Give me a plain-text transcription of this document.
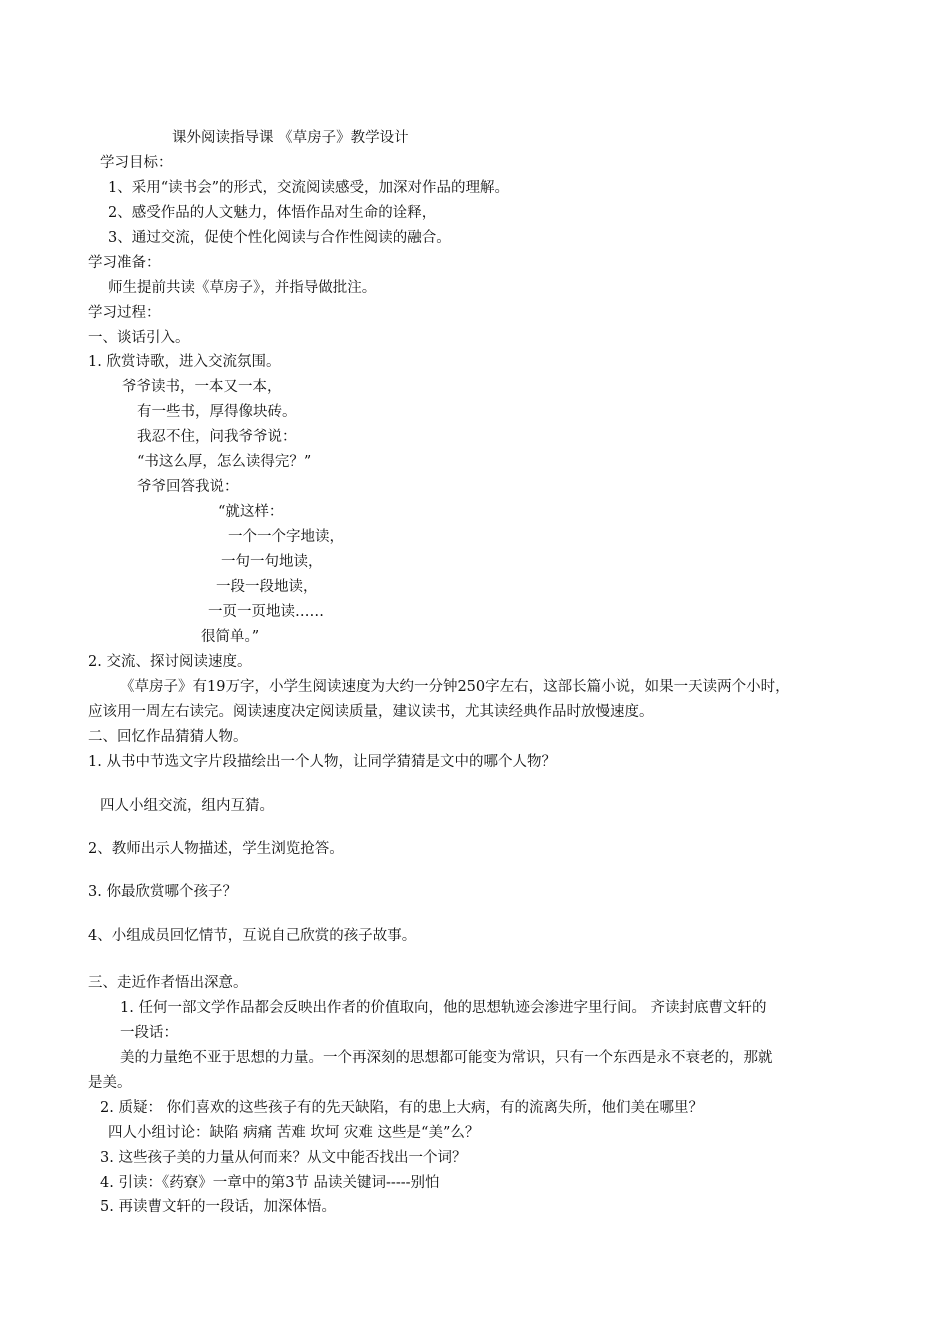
课外阅读指导课 《草房子》教学设计
学习目标：
1、采用“读书会”的形式，交流阅读感受，加深对作品的理解。
2、感受作品的人文魅力，体悟作品对生命的诠释，
3、通过交流，促使个性化阅读与合作性阅读的融合。
学习准备：
师生提前共读《草房子》，并指导做批注。
学习过程：
一、谈话引入。
1. 欣赏诗歌，进入交流氛围。
爷爷读书，一本又一本，
有一些书，厚得像块砖。
我忍不住，问我爷爷说：
“书这么厚，怎么读得完？”
爷爷回答我说：
“就这样：
一个一个字地读，
一句一句地读，
一段一段地读，
一页一页地读……
很简单。”
2. 交流、探讨阅读速度。
《草房子》有19万字，小学生阅读速度为大约一分钟250字左右，这部长篇小说，如果一天读两个小时，
应该用一周左右读完。阅读速度决定阅读质量，建议读书，尤其读经典作品时放慢速度。
二、回忆作品猜猜人物。
1. 从书中节选文字片段描绘出一个人物，让同学猜猜是文中的哪个人物？
四人小组交流，组内互猜。
2、教师出示人物描述，学生浏览抢答。
3. 你最欣赏哪个孩子？
4、小组成员回忆情节，互说自己欣赏的孩子故事。
三、走近作者悟出深意。
1. 任何一部文学作品都会反映出作者的价值取向，他的思想轨迹会渗进字里行间。 齐读封底曹文轩的
一段话：
美的力量绝不亚于思想的力量。一个再深刻的思想都可能变为常识，只有一个东西是永不衰老的，那就
是美。
2. 质疑： 你们喜欢的这些孩子有的先天缺陷，有的患上大病，有的流离失所，他们美在哪里？
四人小组讨论：缺陷 病痛 苦难 坎坷 灾难 这些是“美”么？
3. 这些孩子美的力量从何而来？从文中能否找出一个词？
4. 引读：《药寮》一章中的第3节 品读关键词-----别怕
5. 再读曹文轩的一段话，加深体悟。
